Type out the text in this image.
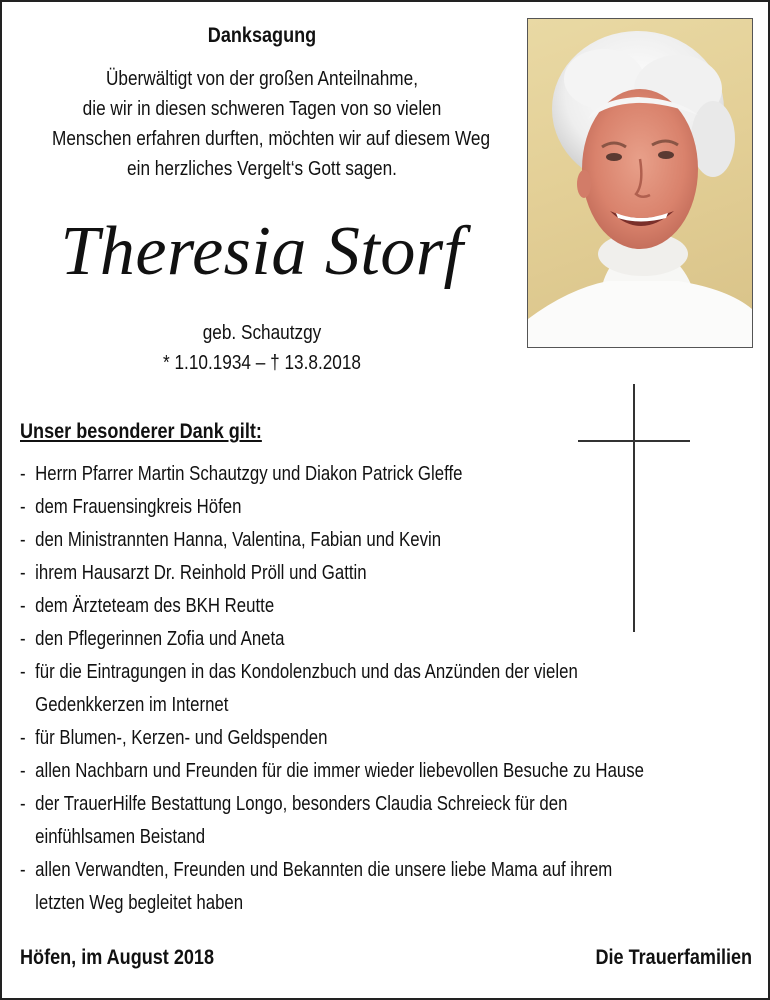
Danksagung
Überwältigt von der großen Anteilnahme,
die wir in diesen schweren Tagen von so vielen
Menschen erfahren durften, möchten wir auf diesem Weg
ein herzliches Vergelt‘s Gott sagen.
Theresia Storf
geb. Schautzgy
* 1.10.1934 – † 13.8.2018
Unser besonderer Dank gilt:
- Herrn Pfarrer Martin Schautzgy und Diakon Patrick Gleffe
- dem Frauensingkreis Höfen
- den Ministrannten Hanna, Valentina, Fabian und Kevin
- ihrem Hausarzt Dr. Reinhold Pröll und Gattin
- dem Ärzteteam des BKH Reutte
- den Pflegerinnen Zofia und Aneta
- für die Eintragungen in das Kondolenzbuch und das Anzünden der vielen
Gedenkkerzen im Internet
- für Blumen-, Kerzen- und Geldspenden
- allen Nachbarn und Freunden für die immer wieder liebevollen Besuche zu Hause
- der TrauerHilfe Bestattung Longo, besonders Claudia Schreieck für den
einfühlsamen Beistand
- allen Verwandten, Freunden und Bekannten die unsere liebe Mama auf ihrem
letzten Weg begleitet haben
Höfen, im August 2018	Die Trauerfamilien
